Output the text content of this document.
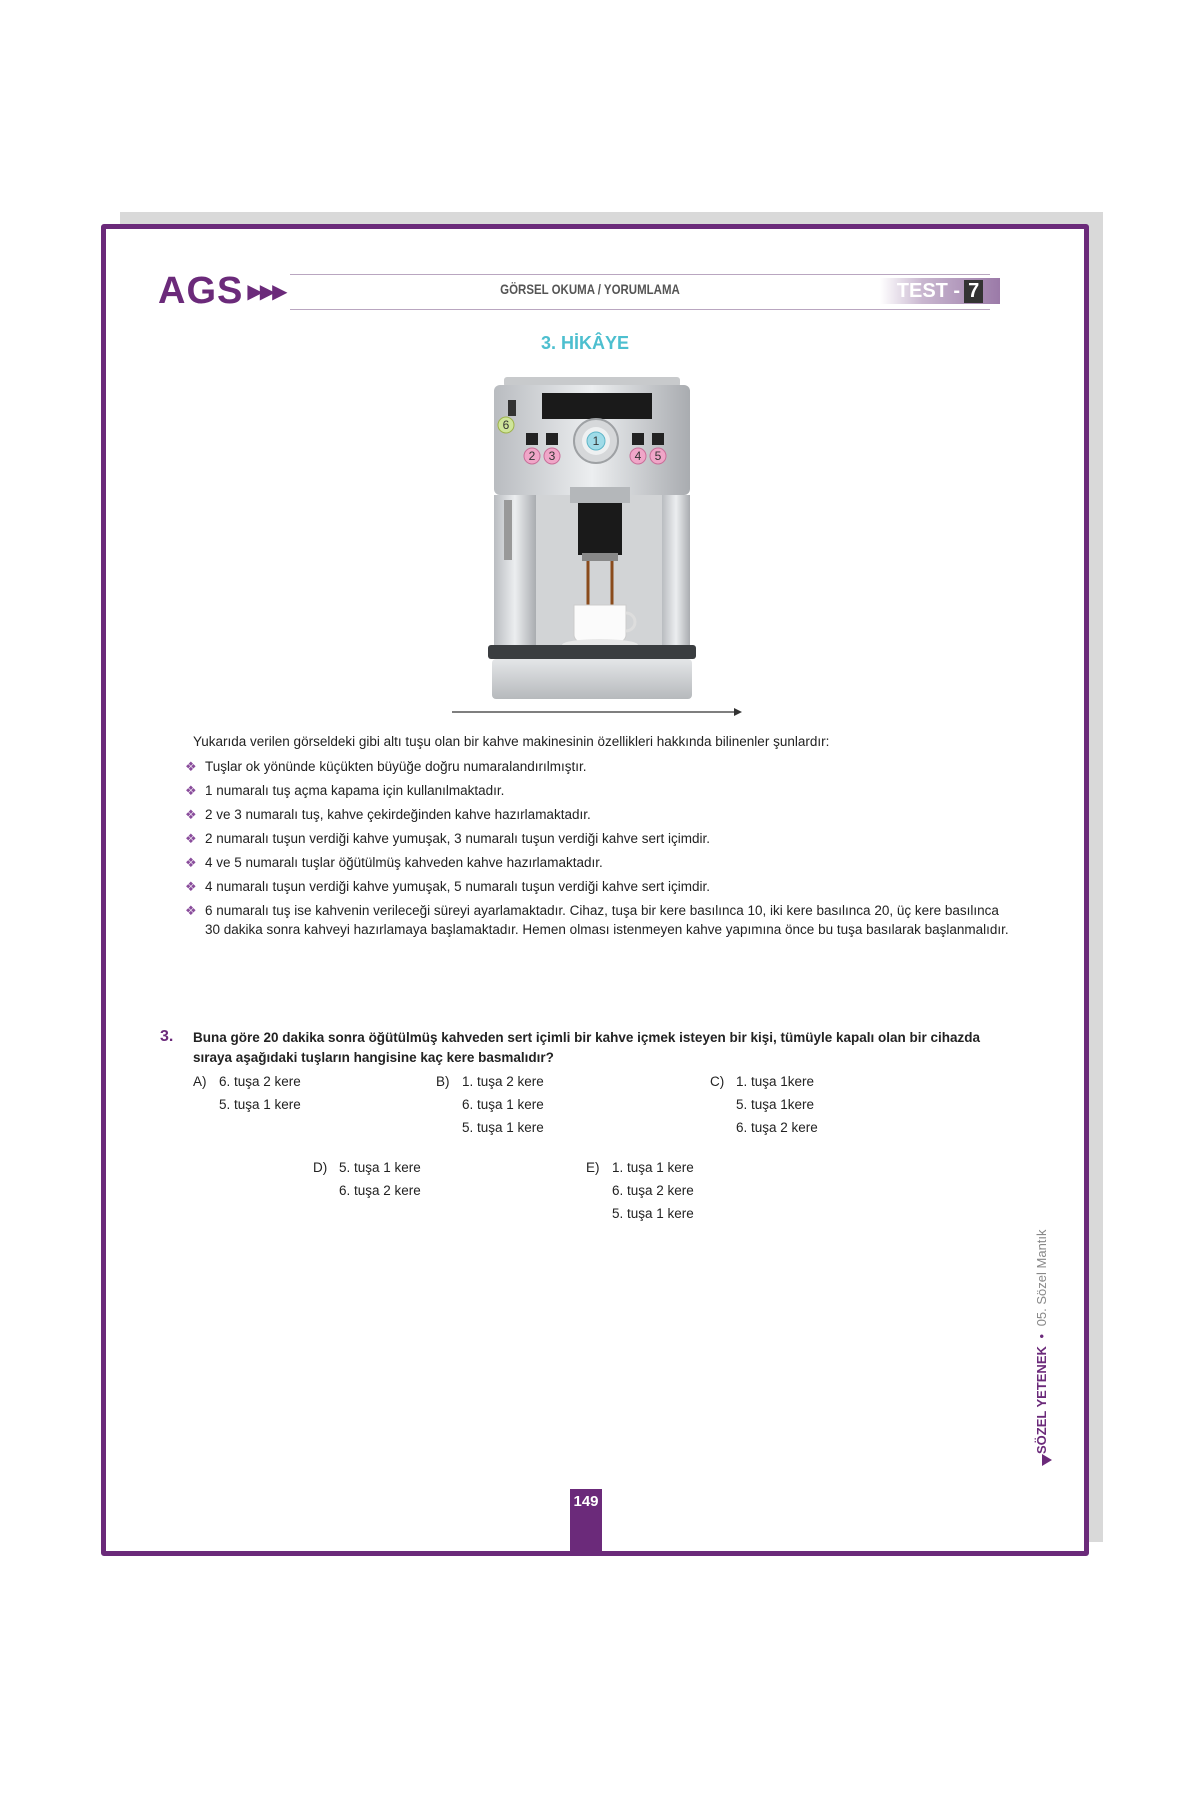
AGS ▶▶▶	GÖRSEL OKUMA / YORUMLAMA	TEST - 7
3. HİKÂYE
6
1
2 3	4 5
Yukarıda verilen görseldeki gibi altı tuşu olan bir kahve makinesinin özellikleri hakkında bilinenler şunlardır:
❖ Tuşlar ok yönünde küçükten büyüğe doğru numaralandırılmıştır.
❖ 1 numaralı tuş açma kapama için kullanılmaktadır.
❖ 2 ve 3 numaralı tuş, kahve çekirdeğinden kahve hazırlamaktadır.
❖ 2 numaralı tuşun verdiği kahve yumuşak, 3 numaralı tuşun verdiği kahve sert içimdir.
❖ 4 ve 5 numaralı tuşlar öğütülmüş kahveden kahve hazırlamaktadır.
❖ 4 numaralı tuşun verdiği kahve yumuşak, 5 numaralı tuşun verdiği kahve sert içimdir.
❖ 6 numaralı tuş ise kahvenin verileceği süreyi ayarlamaktadır. Cihaz, tuşa bir kere basılınca 10, iki kere basılınca 20, üç kere basılınca 30 dakika sonra kahveyi hazırlamaya başlamaktadır. Hemen olması istenmeyen kahve yapımına önce bu tuşa basılarak başlanmalıdır.
3. Buna göre 20 dakika sonra öğütülmüş kahveden sert içimli bir kahve içmek isteyen bir kişi, tümüyle kapalı olan bir cihazda sıraya aşağıdaki tuşların hangisine kaç kere basmalıdır?
A) 6. tuşa 2 kere
5. tuşa 1 kere
B) 1. tuşa 2 kere
6. tuşa 1 kere
5. tuşa 1 kere
C) 1. tuşa 1kere
5. tuşa 1kere
6. tuşa 2 kere
D) 5. tuşa 1 kere
6. tuşa 2 kere
E) 1. tuşa 1 kere
6. tuşa 2 kere
5. tuşa 1 kere
SÖZEL YETENEK • 05. Sözel Mantık
149
